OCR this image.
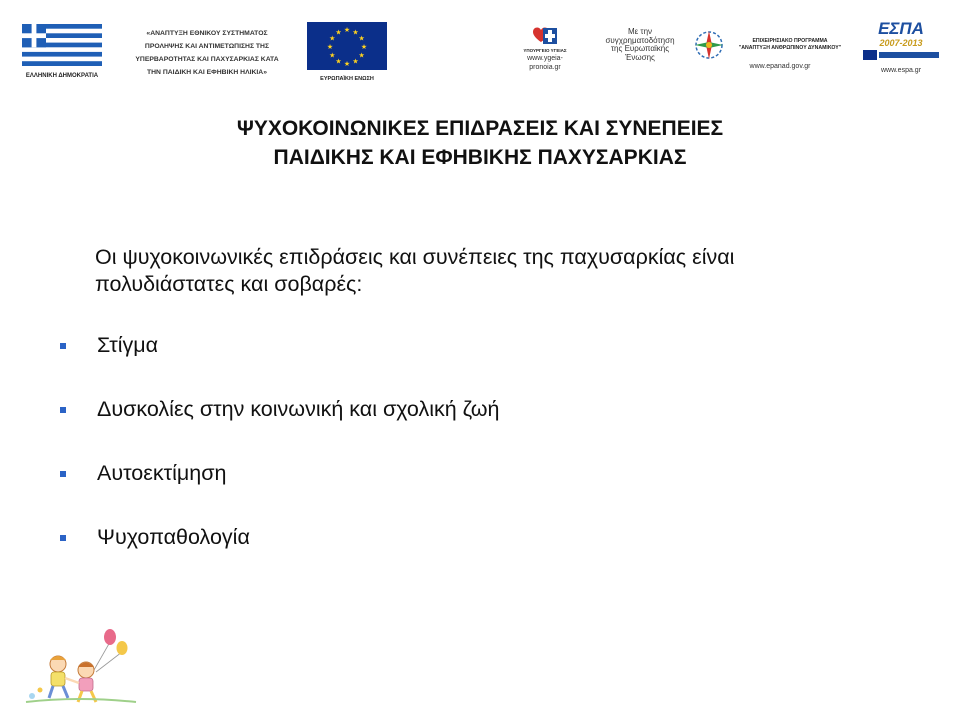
ΕΛΛΗΝΙΚΗ ΔΗΜΟΚΡΑΤΙΑ
«ΑΝΑΠΤΥΞΗ ΕΘΝΙΚΟΥ ΣΥΣΤΗΜΑΤΟΣ
ΠΡΟΛΗΨΗΣ ΚΑΙ ΑΝΤΙΜΕΤΩΠΙΣΗΣ ΤΗΣ
ΥΠΕΡΒΑΡΟΤΗΤΑΣ ΚΑΙ ΠΑΧΥΣΑΡΚΙΑΣ ΚΑΤΑ
ΤΗΝ ΠΑΙΔΙΚΗ ΚΑΙ ΕΦΗΒΙΚΗ ΗΛΙΚΙΑ»
★ ★
★
★
★
★
★
★
★
★
★
★
ΕΥΡΩΠΑΪΚΗ ΕΝΩΣΗ
ΥΠΟΥΡΓΕΙΟ ΥΓΕΙΑΣ
www.ygeia-
pronoia.gr
Με την
συγχρηματοδότηση
της Ευρωπαϊκής
Ένωσης
ΕΠΙΧΕΙΡΗΣΙΑΚΟ ΠΡΟΓΡΑΜΜΑ
"ΑΝΑΠΤΥΞΗ ΑΝΘΡΩΠΙΝΟΥ ΔΥΝΑΜΙΚΟΥ"
www.epanad.gov.gr
ΕΣΠΑ
2007-2013
www.espa.gr
ΨΥΧΟΚΟΙΝΩΝΙΚΕΣ ΕΠΙΔΡΑΣΕΙΣ ΚΑΙ ΣΥΝΕΠΕΙΕΣ
ΠΑΙΔΙΚΗΣ ΚΑΙ ΕΦΗΒΙΚΗΣ ΠΑΧΥΣΑΡΚΙΑΣ
Οι ψυχοκοινωνικές επιδράσεις και συνέπειες της παχυσαρκίας είναι
πολυδιάστατες και σοβαρές:
Στίγμα
Δυσκολίες στην κοινωνική και σχολική ζωή
Αυτοεκτίμηση
Ψυχοπαθολογία
